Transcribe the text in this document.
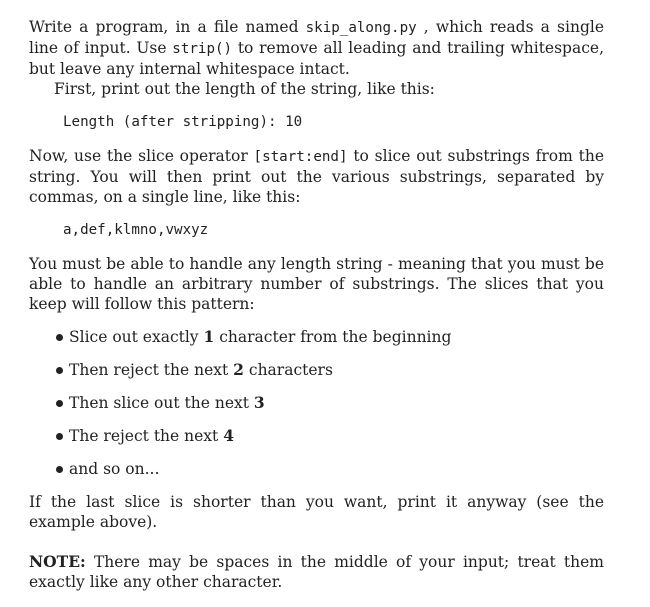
Write a program, in a file named skip_along.py , which reads a single line of input. Use strip() to remove all leading and trailing whitespace, but leave any internal whitespace intact.

First, print out the length of the string, like this:

Length (after stripping): 10

Now, use the slice operator [start:end] to slice out substrings from the string. You will then print out the various substrings, separated by commas, on a single line, like this:

a,def,klmno,vwxyz

You must be able to handle any length string - meaning that you must be able to handle an arbitrary number of substrings. The slices that you keep will follow this pattern:

Slice out exactly 1 character from the beginning
Then reject the next 2 characters
Then slice out the next 3
The reject the next 4
and so on...

If the last slice is shorter than you want, print it anyway (see the example above).

NOTE: There may be spaces in the middle of your input; treat them exactly like any other character.
